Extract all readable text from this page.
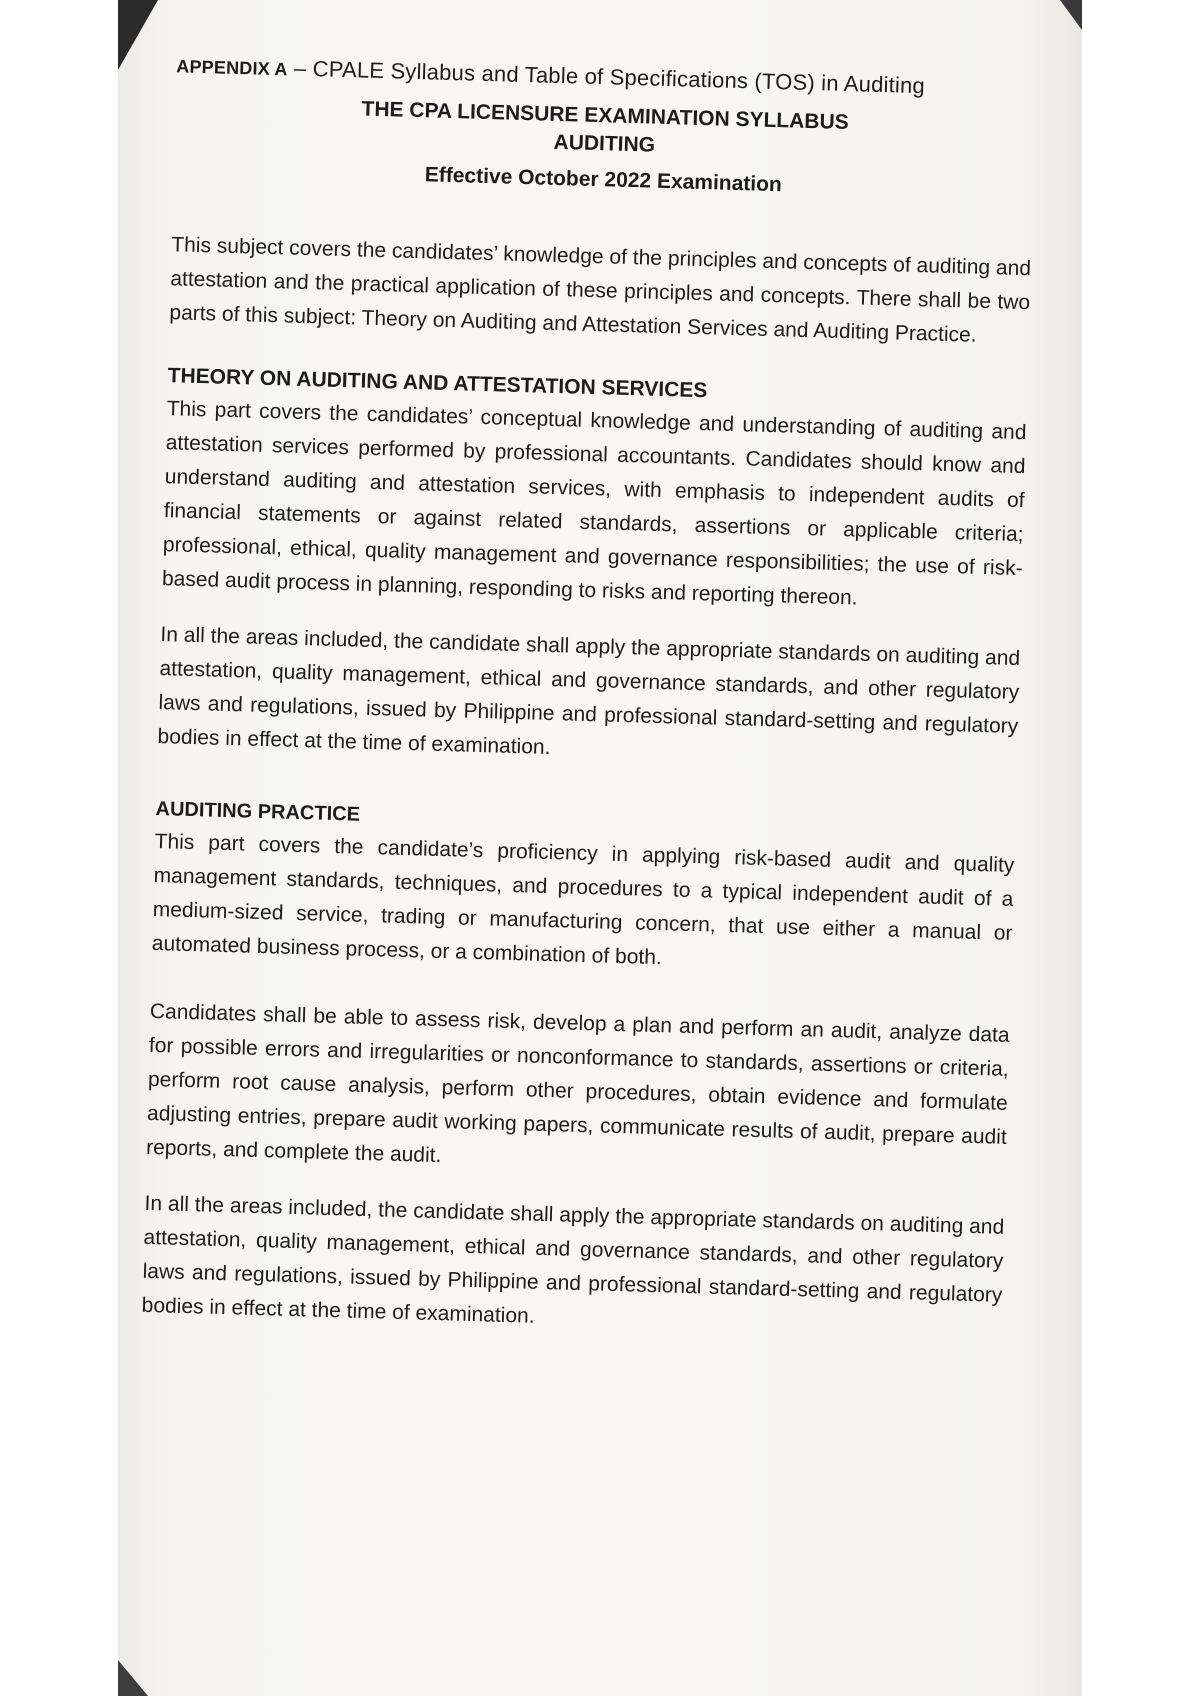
APPENDIX A – CPALE Syllabus and Table of Specifications (TOS) in Auditing
THE CPA LICENSURE EXAMINATION SYLLABUS
AUDITING
Effective October 2022 Examination

This subject covers the candidates’ knowledge of the principles and concepts of auditing and attestation and the practical application of these principles and concepts. There shall be two parts of this subject: Theory on Auditing and Attestation Services and Auditing Practice.

THEORY ON AUDITING AND ATTESTATION SERVICES

This part covers the candidates’ conceptual knowledge and understanding of auditing and attestation services performed by professional accountants. Candidates should know and understand auditing and attestation services, with emphasis to independent audits of financial statements or against related standards, assertions or applicable criteria; professional, ethical, quality management and governance responsibilities; the use of risk-based audit process in planning, responding to risks and reporting thereon.

In all the areas included, the candidate shall apply the appropriate standards on auditing and attestation, quality management, ethical and governance standards, and other regulatory laws and regulations, issued by Philippine and professional standard-setting and regulatory bodies in effect at the time of examination.

AUDITING PRACTICE

This part covers the candidate’s proficiency in applying risk-based audit and quality management standards, techniques, and procedures to a typical independent audit of a medium-sized service, trading or manufacturing concern, that use either a manual or automated business process, or a combination of both.

Candidates shall be able to assess risk, develop a plan and perform an audit, analyze data for possible errors and irregularities or nonconformance to standards, assertions or criteria, perform root cause analysis, perform other procedures, obtain evidence and formulate adjusting entries, prepare audit working papers, communicate results of audit, prepare audit reports, and complete the audit.

In all the areas included, the candidate shall apply the appropriate standards on auditing and attestation, quality management, ethical and governance standards, and other regulatory laws and regulations, issued by Philippine and professional standard-setting and regulatory bodies in effect at the time of examination.
